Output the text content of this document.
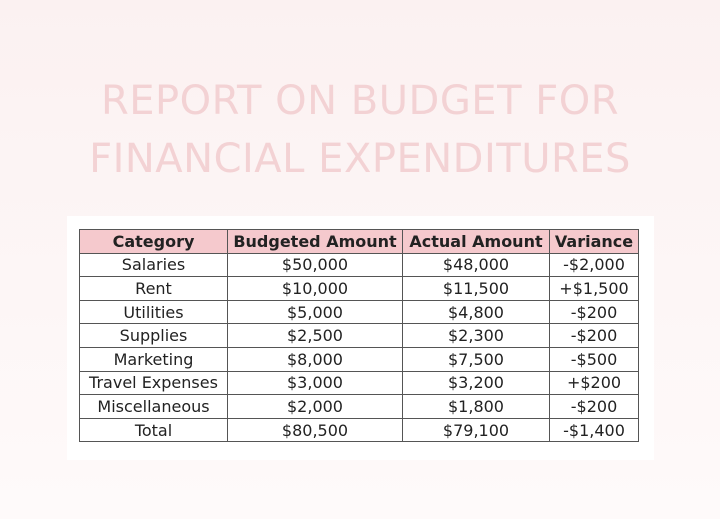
REPORT ON BUDGET FOR
FINANCIAL EXPENDITURES
Category	Budgeted Amount	Actual Amount	Variance
Salaries	$50,000	$48,000	-$2,000
Rent	$10,000	$11,500	+$1,500
Utilities	$5,000	$4,800	-$200
Supplies	$2,500	$2,300	-$200
Marketing	$8,000	$7,500	-$500
Travel Expenses	$3,000	$3,200	+$200
Miscellaneous	$2,000	$1,800	-$200
Total	$80,500	$79,100	-$1,400
